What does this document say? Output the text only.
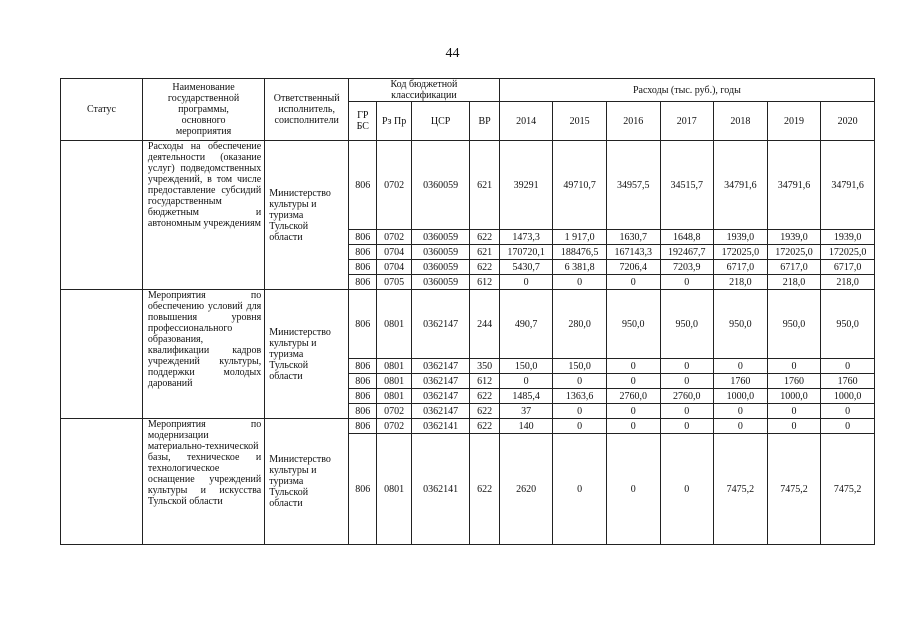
44
Статус	Наименование
государственной
программы,
основного
мероприятия	Ответственный
исполнитель,
соисполнители	Код бюджетной
классификации				Расходы (тыс. руб.), годы						
			ГР
БС	Рз Пр	ЦСР	ВР	2014	2015	2016	2017	2018	2019	2020
	Расходы на обеспечение деятельности (оказание услуг) подведомственных учреждений, в том числе предоставление субсидий государственным бюджетным и автономным учреждениям	Министерство
культуры и
туризма
Тульской
области	806	0702	0360059	621	39291	49710,7	34957,5	34515,7	34791,6	34791,6	34791,6
			806	0702	0360059	622	1473,3	1 917,0	1630,7	1648,8	1939,0	1939,0	1939,0
			806	0704	0360059	621	170720,1	188476,5	167143,3	192467,7	172025,0	172025,0	172025,0
			806	0704	0360059	622	5430,7	6 381,8	7206,4	7203,9	6717,0	6717,0	6717,0
			806	0705	0360059	612	0	0	0	0	218,0	218,0	218,0
	Мероприятия по обеспечению условий для повышения уровня профессионального образования, квалификации кадров учреждений культуры, поддержки молодых дарований	Министерство
культуры и
туризма
Тульской
области	806	0801	0362147	244	490,7	280,0	950,0	950,0	950,0	950,0	950,0
			806	0801	0362147	350	150,0	150,0	0	0	0	0	0
			806	0801	0362147	612	0	0	0	0	1760	1760	1760
			806	0801	0362147	622	1485,4	1363,6	2760,0	2760,0	1000,0	1000,0	1000,0
			806	0702	0362147	622	37	0	0	0	0	0	0
	Мероприятия по модернизации материально-технической базы, техническое и технологическое оснащение учреждений культуры и искусства Тульской области	Министерство
культуры и
туризма
Тульской
области	806	0702	0362141	622	140	0	0	0	0	0	0
			806	0801	0362141	622	2620	0	0	0	7475,2	7475,2	7475,2
